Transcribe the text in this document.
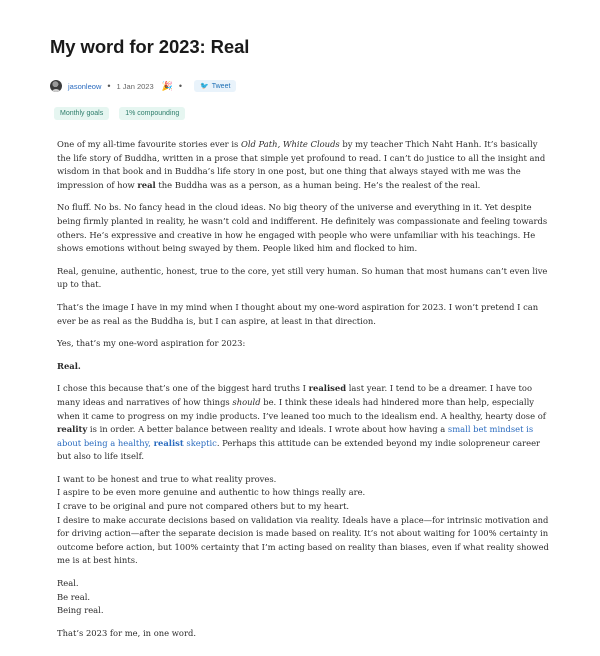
My word for 2023: Real
jasonleow • 1 Jan 2023 🎉 •	🐦 Tweet
Monthly goals	1% compounding

One of my all-time favourite stories ever is Old Path, White Clouds by my teacher Thich Naht Hanh. It’s basically the life story of Buddha, written in a prose that simple yet profound to read. I can’t do justice to all the insight and wisdom in that book and in Buddha’s life story in one post, but one thing that always stayed with me was the impression of how real the Buddha was as a person, as a human being. He’s the realest of the real.

No fluff. No bs. No fancy head in the cloud ideas. No big theory of the universe and everything in it. Yet despite being firmly planted in reality, he wasn’t cold and indifferent. He definitely was compassionate and feeling towards others. He’s expressive and creative in how he engaged with people who were unfamiliar with his teachings. He shows emotions without being swayed by them. People liked him and flocked to him.

Real, genuine, authentic, honest, true to the core, yet still very human. So human that most humans can’t even live up to that.

That’s the image I have in my mind when I thought about my one-word aspiration for 2023. I won’t pretend I can ever be as real as the Buddha is, but I can aspire, at least in that direction.

Yes, that’s my one-word aspiration for 2023:

Real.

I chose this because that’s one of the biggest hard truths I realised last year. I tend to be a dreamer. I have too many ideas and narratives of how things should be. I think these ideals had hindered more than help, especially when it came to progress on my indie products. I’ve leaned too much to the idealism end. A healthy, hearty dose of reality is in order. A better balance between reality and ideals. I wrote about how having a small bet mindset is about being a healthy, realist skeptic. Perhaps this attitude can be extended beyond my indie solopreneur career but also to life itself.

I want to be honest and true to what reality proves.
I aspire to be even more genuine and authentic to how things really are.
I crave to be original and pure not compared others but to my heart.
I desire to make accurate decisions based on validation via reality. Ideals have a place—for intrinsic motivation and for driving action—after the separate decision is made based on reality. It’s not about waiting for 100% certainty in outcome before action, but 100% certainty that I’m acting based on reality than biases, even if what reality showed me is at best hints.

Real.
Be real.
Being real.

That’s 2023 for me, in one word.
